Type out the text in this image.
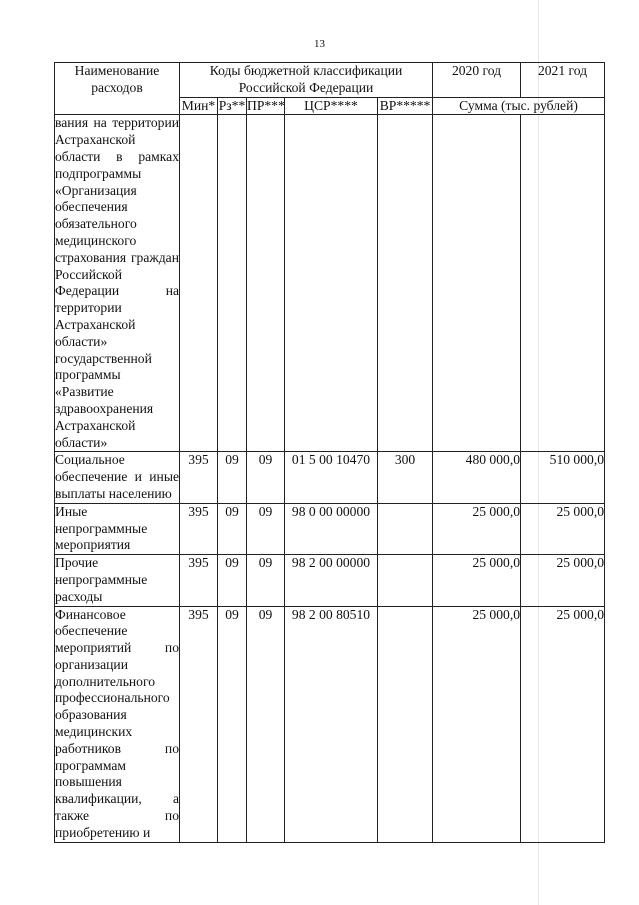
13
Наименование расходов	Коды бюджетной классификации Российской Федерации					2020 год	2021 год
	Мин*	Рз**	ПР***	ЦСР****	ВР*****	Сумма (тыс. рублей)	
вания на территории Астраханской области в рамках подпрограммы «Организация обеспечения обязательного медицинского страхования граждан Российской Федерации на территории Астраханской области» государственной программы «Развитие здравоохранения Астраханской области»							
Социальное обеспечение и иные выплаты населению	395	09	09	01 5 00 10470	300	480 000,0	510 000,0
Иные непрограммные мероприятия	395	09	09	98 0 00 00000		25 000,0	25 000,0
Прочие непрограммные расходы	395	09	09	98 2 00 00000		25 000,0	25 000,0
Финансовое обеспечение мероприятий по организации дополнительного профессионального образования медицинских работников по программам повышения квалификации, а также по приобретению и	395	09	09	98 2 00 80510		25 000,0	25 000,0
